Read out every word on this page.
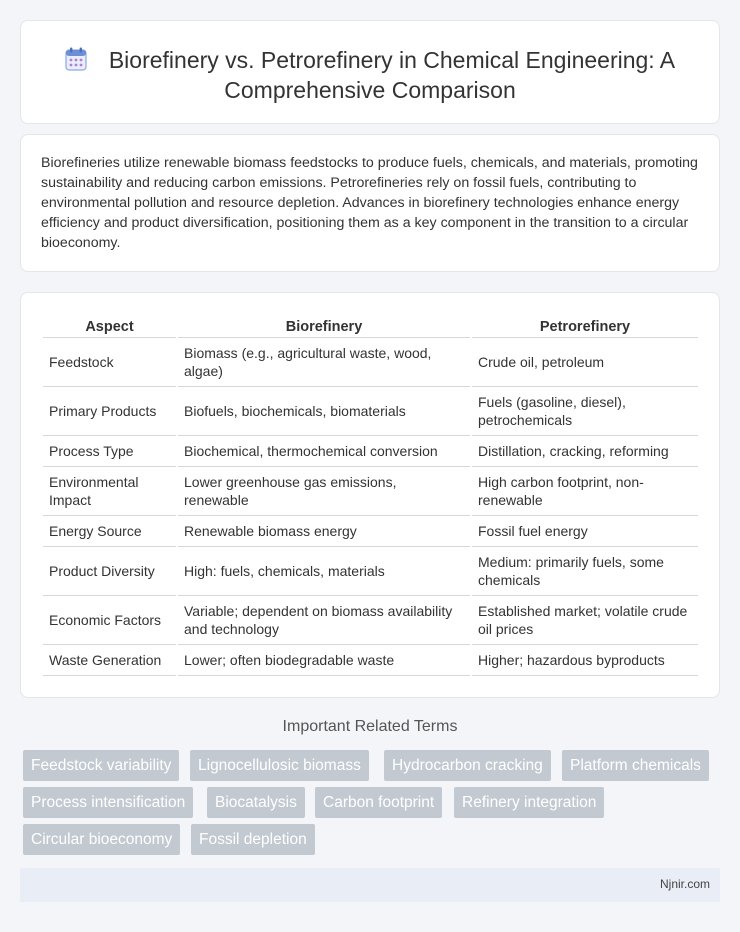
Biorefinery vs. Petrorefinery in Chemical Engineering: A Comprehensive Comparison

Biorefineries utilize renewable biomass feedstocks to produce fuels, chemicals, and materials, promoting sustainability and reducing carbon emissions. Petrorefineries rely on fossil fuels, contributing to environmental pollution and resource depletion. Advances in biorefinery technologies enhance energy efficiency and product diversification, positioning them as a key component in the transition to a circular bioeconomy.

Aspect	Biorefinery	Petrorefinery
Feedstock	Biomass (e.g., agricultural waste, wood, algae)	Crude oil, petroleum
Primary Products	Biofuels, biochemicals, biomaterials	Fuels (gasoline, diesel), petrochemicals
Process Type	Biochemical, thermochemical conversion	Distillation, cracking, reforming
Environmental Impact	Lower greenhouse gas emissions, renewable	High carbon footprint, non-renewable
Energy Source	Renewable biomass energy	Fossil fuel energy
Product Diversity	High: fuels, chemicals, materials	Medium: primarily fuels, some chemicals
Economic Factors	Variable; dependent on biomass availability and technology	Established market; volatile crude oil prices
Waste Generation	Lower; often biodegradable waste	Higher; hazardous byproducts
Important Related Terms
Feedstock variability	Lignocellulosic biomass	Hydrocarbon cracking	Platform chemicals
Process intensification	Biocatalysis	Carbon footprint	Refinery integration
Circular bioeconomy	Fossil depletion
Njnir.com
